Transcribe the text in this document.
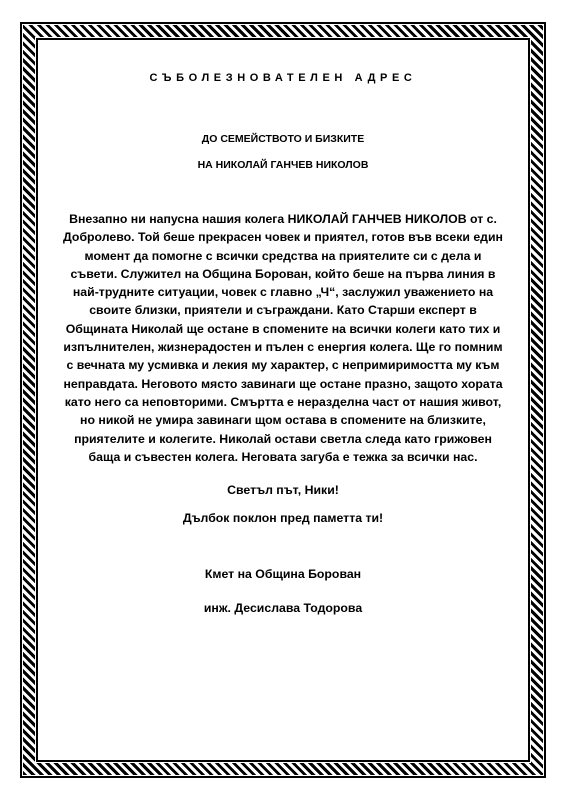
СЪБОЛЕЗНОВАТЕЛЕН АДРЕС
ДО СЕМЕЙСТВОТО И БИЗКИТЕ
НА НИКОЛАЙ ГАНЧЕВ НИКОЛОВ
Внезапно ни напусна нашия колега НИКОЛАЙ ГАНЧЕВ НИКОЛОВ от с. Добролево. Той беше прекрасен човек и приятел, готов във всеки един момент да помогне с всички средства на приятелите си с дела и съвети. Служител на Община Борован, който беше на първа линия в най-трудните ситуации, човек с главно „Ч“, заслужил уважението на своите близки, приятели и съграждани. Като Старши експерт в Общината Николай ще остане в спомените на всички колеги като тих и изпълнителен, жизнерадостен и пълен с енергия колега. Ще го помним с вечната му усмивка и лекия му характер, с непримиримостта му към неправдата. Неговото място завинаги ще остане празно, защото хората като него са неповторими. Смъртта е неразделна част от нашия живот, но никой не умира завинаги щом остава в спомените на близките, приятелите и колегите. Николай остави светла следа като грижовен баща и съвестен колега. Неговата загуба е тежка за всички нас.
Светъл път, Ники!
Дълбок поклон пред паметта ти!
Кмет на Община Борован
инж. Десислава Тодорова
